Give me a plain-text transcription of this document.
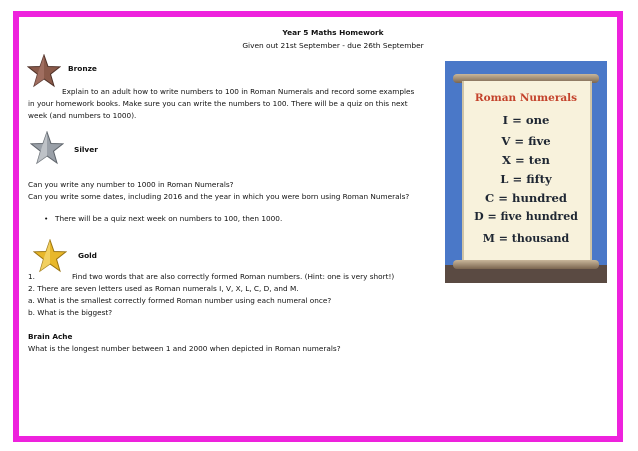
Year 5 Maths Homework
Given out 21st September - due 26th September
Bronze
Explain to an adult how to write numbers to 100 in Roman Numerals and record some examples
in your homework books. Make sure you can write the numbers to 100. There will be a quiz on this next
week (and numbers to 1000).
Silver
Can you write any number to 1000 in Roman Numerals?
Can you write some dates, including 2016 and the year in which you were born using Roman Numerals?
• There will be a quiz next week on numbers to 100, then 1000.
Gold
1.	Find two words that are also correctly formed Roman numbers. (Hint: one is very short!)
2. There are seven letters used as Roman numerals I, V, X, L, C, D, and M.
a. What is the smallest correctly formed Roman number using each numeral once?
b. What is the biggest?
Brain Ache
What is the longest number between 1 and 2000 when depicted in Roman numerals?
Roman Numerals
I = one
V = five
X = ten
L = fifty
C = hundred
D = five hundred
M = thousand
